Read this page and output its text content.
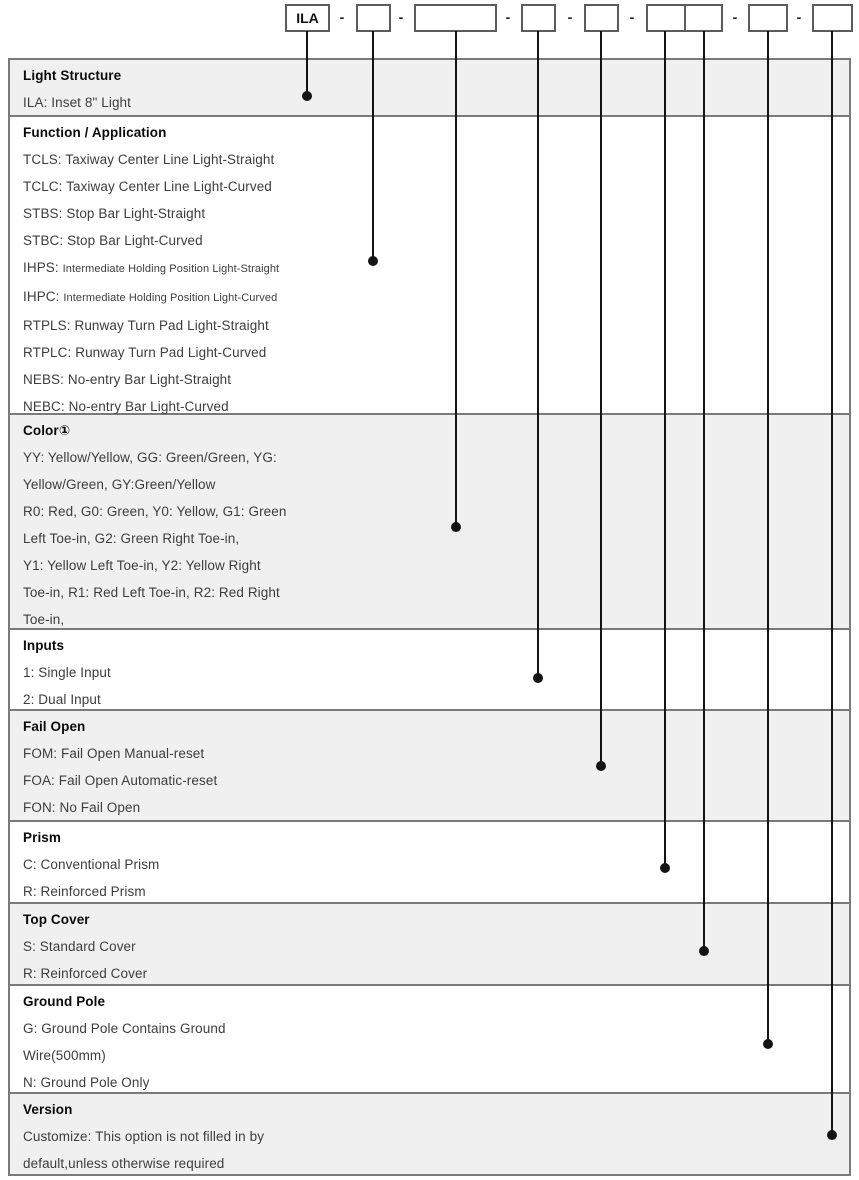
ILA	-	-	-	-	-	-	-
Light Structure
ILA: Inset 8" Light
Function / Application
TCLS: Taxiway Center Line Light-Straight
TCLC: Taxiway Center Line Light-Curved
STBS: Stop Bar Light-Straight
STBC: Stop Bar Light-Curved
IHPS: Intermediate Holding Position Light-Straight
IHPC: Intermediate Holding Position Light-Curved
RTPLS: Runway Turn Pad Light-Straight
RTPLC: Runway Turn Pad Light-Curved
NEBS: No-entry Bar Light-Straight
NEBC: No-entry Bar Light-Curved
Color①
YY: Yellow/Yellow, GG: Green/Green, YG:
Yellow/Green, GY:Green/Yellow
R0: Red, G0: Green, Y0: Yellow, G1: Green
Left Toe-in, G2: Green Right Toe-in,
Y1: Yellow Left Toe-in, Y2: Yellow Right
Toe-in, R1: Red Left Toe-in, R2: Red Right
Toe-in,
Inputs
1: Single Input
2: Dual Input
Fail Open
FOM: Fail Open Manual-reset
FOA: Fail Open Automatic-reset
FON: No Fail Open
Prism
C: Conventional Prism
R: Reinforced Prism
Top Cover
S: Standard Cover
R: Reinforced Cover
Ground Pole
G: Ground Pole Contains Ground
Wire(500mm)
N: Ground Pole Only
Version
Customize: This option is not filled in by
default,unless otherwise required
